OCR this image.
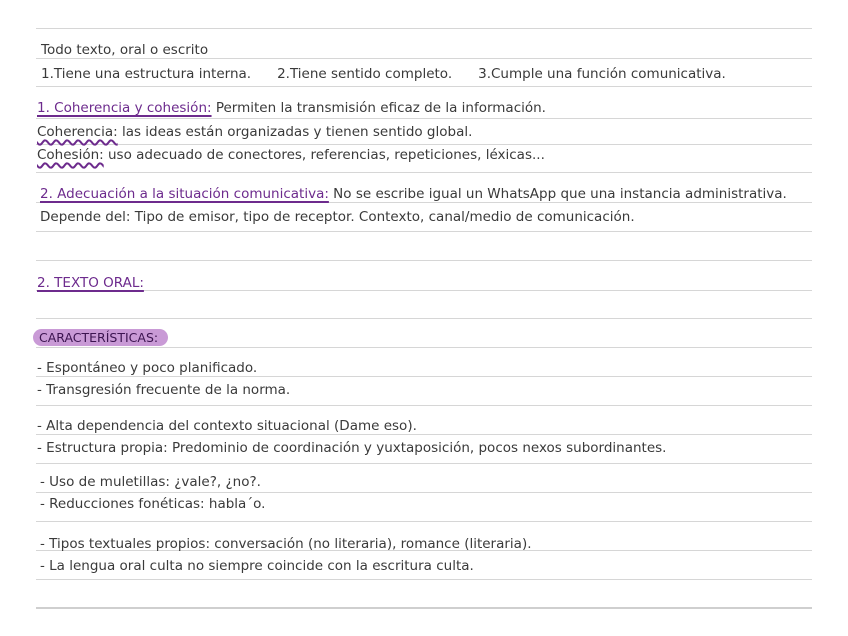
Todo texto, oral o escrito
1.Tiene una estructura interna. 2.Tiene sentido completo. 3.Cumple una función comunicativa.
1. Coherencia y cohesión: Permiten la transmisión eficaz de la información.
Coherencia: las ideas están organizadas y tienen sentido global.
Cohesión: uso adecuado de conectores, referencias, repeticiones, léxicas...
2. Adecuación a la situación comunicativa: No se escribe igual un WhatsApp que una instancia administrativa.
Depende del: Tipo de emisor, tipo de receptor. Contexto, canal/medio de comunicación.
2. TEXTO ORAL:
CARACTERÍSTICAS:
- Espontáneo y poco planificado.
- Transgresión frecuente de la norma.
- Alta dependencia del contexto situacional (Dame eso).
- Estructura propia: Predominio de coordinación y yuxtaposición, pocos nexos subordinantes.
- Uso de muletillas: ¿vale?, ¿no?.
- Reducciones fonéticas: habla´o.
- Tipos textuales propios: conversación (no literaria), romance (literaria).
- La lengua oral culta no siempre coincide con la escritura culta.
